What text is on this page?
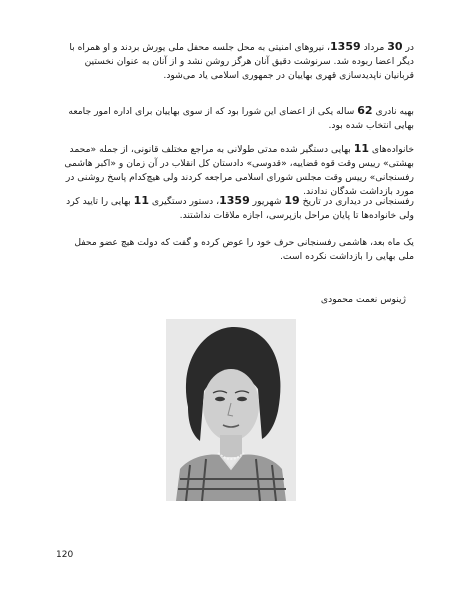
در 30 مرداد 1359، نیروهای امنیتی به محل جلسه محفل ملی یورش بردند و او همراه با دیگر اعضا ربوده شد. سرنوشت دقیق آنان هرگز روشن نشد و از آنان به عنوان نخستین قربانیان ناپدیدسازی قهری بهاییان در جمهوری اسلامی یاد می‌شود.

بهیه نادری 62 ساله یکی از اعضای این شورا بود که از سوی بهاییان برای اداره امور جامعه بهایی انتخاب شده بود.

خانواده‌های 11 بهایی دستگیر شده مدتی طولانی به مراجع مختلف قانونی، از جمله «محمد بهشتی» رییس وقت قوه قضاییه، «قدوسی» دادستان کل انقلاب در آن زمان و «اکبر هاشمی رفسنجانی» رییس وقت مجلس شورای اسلامی مراجعه کردند ولی هیچ‌کدام پاسخ روشنی در مورد بازداشت شدگان ندادند.

رفسنجانی در دیداری در تاریخ 19 شهریور 1359، دستور دستگیری 11 بهایی را تایید کرد ولی خانواده‌ها تا پایان مراحل بازپرسی، اجازه ملاقات نداشتند.

یک ماه بعد، هاشمی رفسنجانی حرف خود را عوض کرده و گفت که دولت هیچ عضو محفل ملی بهایی را بازداشت نکرده است.

ژینوس نعمت محمودی
120
